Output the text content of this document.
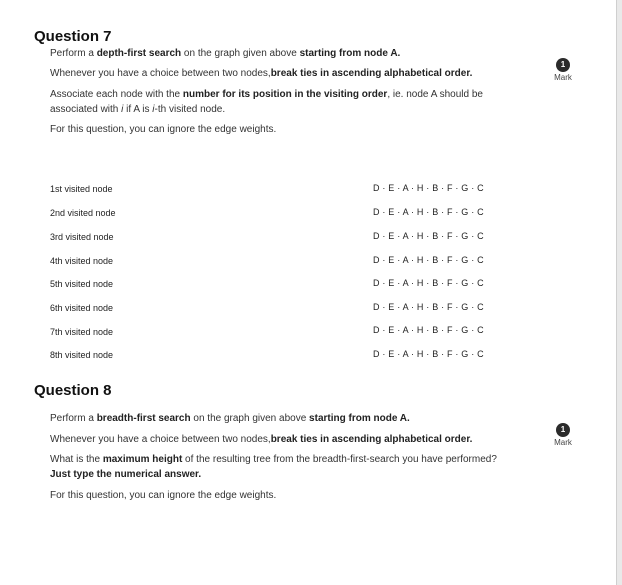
Question 7
Perform a depth-first search on the graph given above starting from node A.
Whenever you have a choice between two nodes,break ties in ascending alphabetical order.
Associate each node with the number for its position in the visiting order, ie. node A should be
associated with i if A is i-th visited node.
For this question, you can ignore the edge weights.
1
Mark
1st visited node	D · E · A · H · B · F · G · C
2nd visited node	D · E · A · H · B · F · G · C
3rd visited node	D · E · A · H · B · F · G · C
4th visited node	D · E · A · H · B · F · G · C
5th visited node	D · E · A · H · B · F · G · C
6th visited node	D · E · A · H · B · F · G · C
7th visited node	D · E · A · H · B · F · G · C
8th visited node	D · E · A · H · B · F · G · C
Question 8
Perform a breadth-first search on the graph given above starting from node A.
Whenever you have a choice between two nodes,break ties in ascending alphabetical order.
What is the maximum height of the resulting tree from the breadth-first-search you have performed?
Just type the numerical answer.
For this question, you can ignore the edge weights.
1
Mark
